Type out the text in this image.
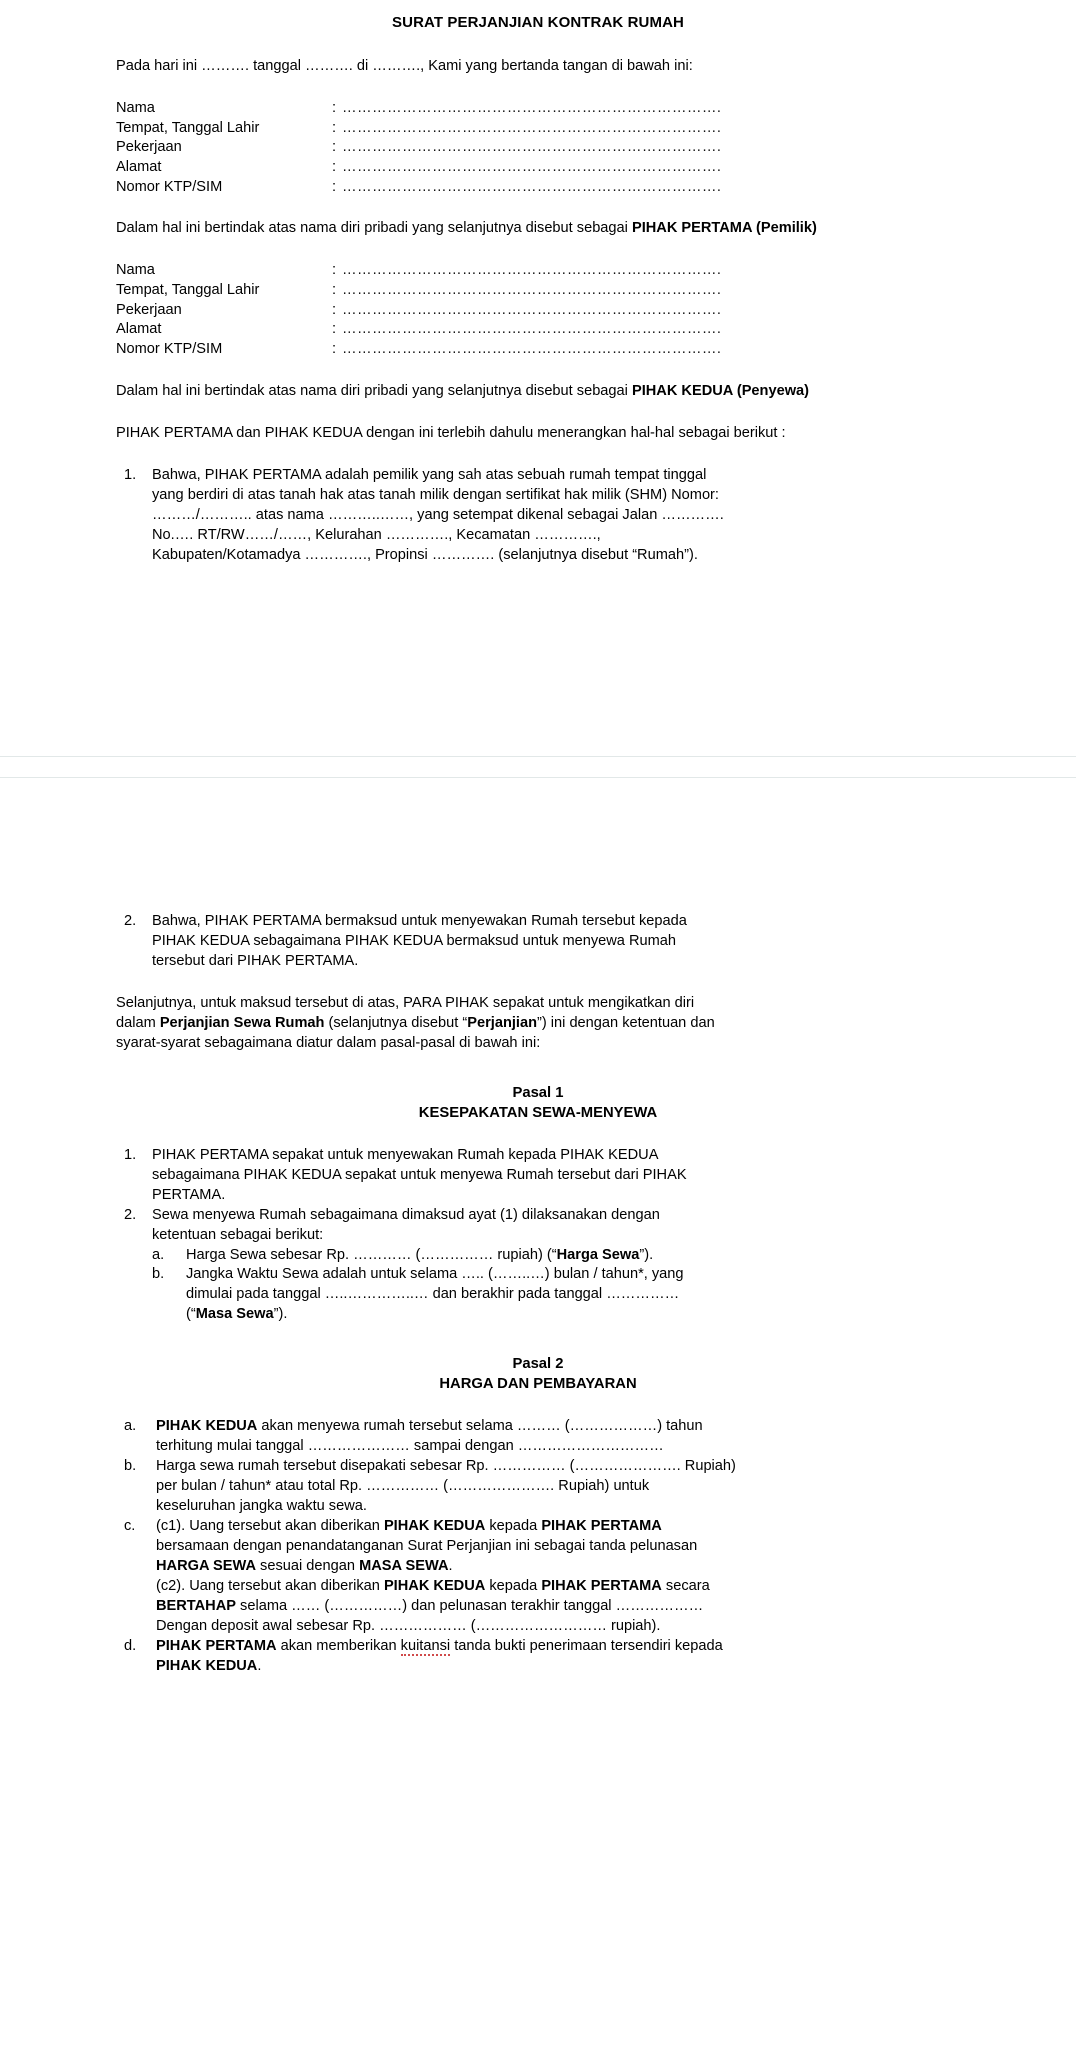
SURAT PERJANJIAN KONTRAK RUMAH

Pada hari ini ………. tanggal ………. di ………., Kami yang bertanda tangan di bawah ini:

Nama	:	………………………………………………………………….
Tempat, Tanggal Lahir	:	………………………………………………………………….
Pekerjaan	:	………………………………………………………………….
Alamat	:	………………………………………………………………….
Nomor KTP/SIM	:	………………………………………………………………….

Dalam hal ini bertindak atas nama diri pribadi yang selanjutnya disebut sebagai PIHAK PERTAMA (Pemilik)

Nama	:	………………………………………………………………….
Tempat, Tanggal Lahir	:	………………………………………………………………….
Pekerjaan	:	………………………………………………………………….
Alamat	:	………………………………………………………………….
Nomor KTP/SIM	:	………………………………………………………………….

Dalam hal ini bertindak atas nama diri pribadi yang selanjutnya disebut sebagai PIHAK KEDUA (Penyewa)

PIHAK PERTAMA dan PIHAK KEDUA dengan ini terlebih dahulu menerangkan hal-hal sebagai berikut :

1. Bahwa, PIHAK PERTAMA adalah pemilik yang sah atas sebuah rumah tempat tinggal
yang berdiri di atas tanah hak atas tanah milik dengan sertifikat hak milik (SHM) Nomor:
………/……….. atas nama ………..……, yang setempat dikenal sebagai Jalan ………….
No.…. RT/RW……/……, Kelurahan …………., Kecamatan ………….,
Kabupaten/Kotamadya …………., Propinsi …………. (selanjutnya disebut “Rumah”).
2. Bahwa, PIHAK PERTAMA bermaksud untuk menyewakan Rumah tersebut kepada
PIHAK KEDUA sebagaimana PIHAK KEDUA bermaksud untuk menyewa Rumah
tersebut dari PIHAK PERTAMA.

Selanjutnya, untuk maksud tersebut di atas, PARA PIHAK sepakat untuk mengikatkan diri
dalam Perjanjian Sewa Rumah (selanjutnya disebut “Perjanjian”) ini dengan ketentuan dan
syarat-syarat sebagaimana diatur dalam pasal-pasal di bawah ini:

Pasal 1
KESEPAKATAN SEWA-MENYEWA
1. PIHAK PERTAMA sepakat untuk menyewakan Rumah kepada PIHAK KEDUA
sebagaimana PIHAK KEDUA sepakat untuk menyewa Rumah tersebut dari PIHAK
PERTAMA.
2. Sewa menyewa Rumah sebagaimana dimaksud ayat (1) dilaksanakan dengan
ketentuan sebagai berikut:
a. Harga Sewa sebesar Rp. ………… (…………… rupiah) (“Harga Sewa”).
b. Jangka Waktu Sewa adalah untuk selama ….. (……..…) bulan / tahun*, yang
dimulai pada tanggal …..…………..… dan berakhir pada tanggal ……………
(“Masa Sewa”).
Pasal 2
HARGA DAN PEMBAYARAN
a. PIHAK KEDUA akan menyewa rumah tersebut selama ……… (………………) tahun
terhitung mulai tanggal ………………… sampai dengan …………………………
b. Harga sewa rumah tersebut disepakati sebesar Rp. …………… (…………………. Rupiah)
per bulan / tahun* atau total Rp. …………… (…………………. Rupiah) untuk
keseluruhan jangka waktu sewa.
c. (c1). Uang tersebut akan diberikan PIHAK KEDUA kepada PIHAK PERTAMA
bersamaan dengan penandatanganan Surat Perjanjian ini sebagai tanda pelunasan
HARGA SEWA sesuai dengan MASA SEWA.
(c2). Uang tersebut akan diberikan PIHAK KEDUA kepada PIHAK PERTAMA secara
BERTAHAP selama …… (……………) dan pelunasan terakhir tanggal ………………
Dengan deposit awal sebesar Rp. ……………… (……………………… rupiah).
d. PIHAK PERTAMA akan memberikan kuitansi tanda bukti penerimaan tersendiri kepada
PIHAK KEDUA.
